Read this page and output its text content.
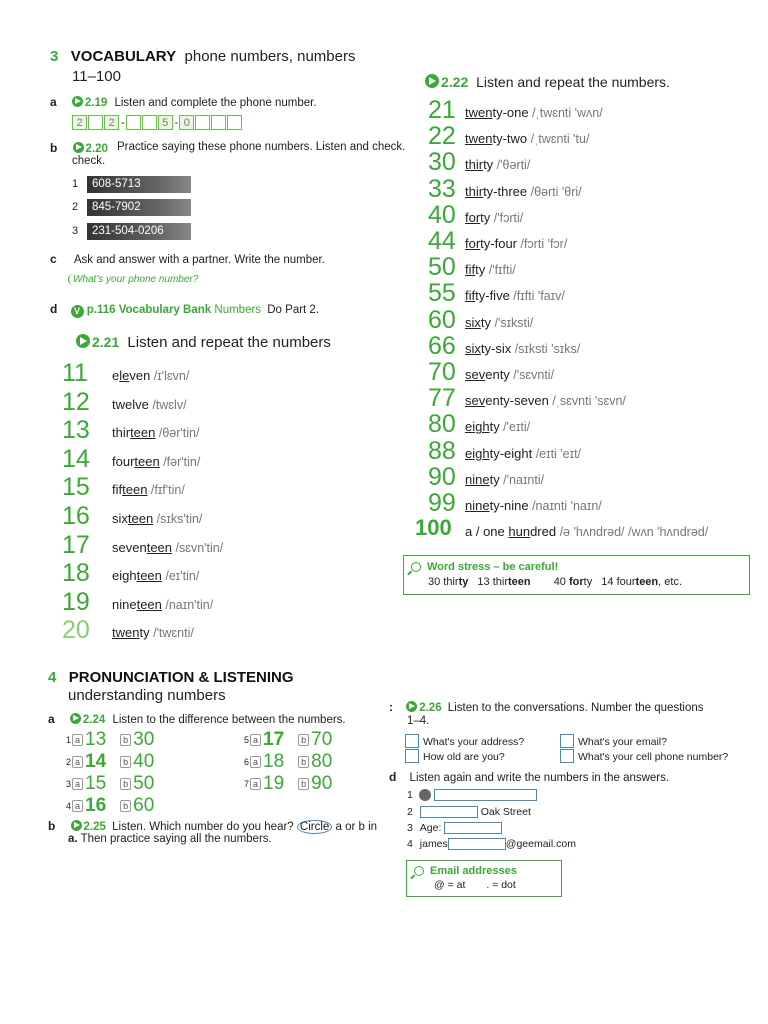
3 VOCABULARY phone numbers, numbers
11–100
a 2.19 Listen and complete the phone number.
2 2 -	5 - 0
b 2.20 Practice saying these phone numbers. Listen and check.
check.
1	608-5713
2	845-7902
3	231-504-0206
c Ask and answer with a partner. Write the number.
What's your phone number?
d V p.116 Vocabulary Bank Numbers Do Part 2.
2.21 Listen and repeat the numbers
11 eleven /ɪ'lɛvn/
12 twelve /twɛlv/
13 thirteen /θər'tin/
14 fourteen /fər'tin/
15 fifteen /fɪf'tin/
16 sixteen /sɪks'tin/
17 seventeen /sɛvn'tin/
18 eighteen /eɪ'tin/
19 nineteen /naɪn'tin/
20 twenty /'twɛnti/
2.22 Listen and repeat the numbers.
21 twenty-one /ˌtwɛnti 'wʌn/
22 twenty-two /ˌtwɛnti 'tu/
30 thirty /'θərti/
33 thirty-three /θərti 'θri/
40 forty /'fɔrti/
44 forty-four /fɔrti 'fɔr/
50 fifty /'fɪfti/
55 fifty-five /fɪfti 'faɪv/
60 sixty /'sɪksti/
66 sixty-six /sɪksti 'sɪks/
70 seventy /'sɛvnti/
77 seventy-seven /ˌsɛvnti 'sɛvn/
80 eighty /'eɪti/
88 eighty-eight /eɪti 'eɪt/
90 ninety /'naɪnti/
99 ninety-nine /naɪnti 'naɪn/
100 a / one hundred /ə 'hʌndrəd/ /wʌn 'hʌndrəd/
Word stress – be careful!
30 thirty 13 thirteen 40 forty 14 fourteen, etc.
4 PRONUNCIATION & LISTENING
understanding numbers
a 2.24 Listen to the difference between the numbers.
1 a 13 b 30
2 a 14 b 40
3 a 15 b 50
4 a 16 b 60
5 a 17 b 70
6 a 18 b 80
7 a 19 b 90
b 2.25 Listen. Which number do you hear? Circle a or b in
a. Then practice saying all the numbers.
: 2.26 Listen to the conversations. Number the questions
1–4.
What's your address?
How old are you?
What's your email?
What's your cell phone number?
d Listen again and write the numbers in the answers.
1
2	Oak Street
3 Age:
4 james	@geemail.com
Email addresses
@ = at . = dot
